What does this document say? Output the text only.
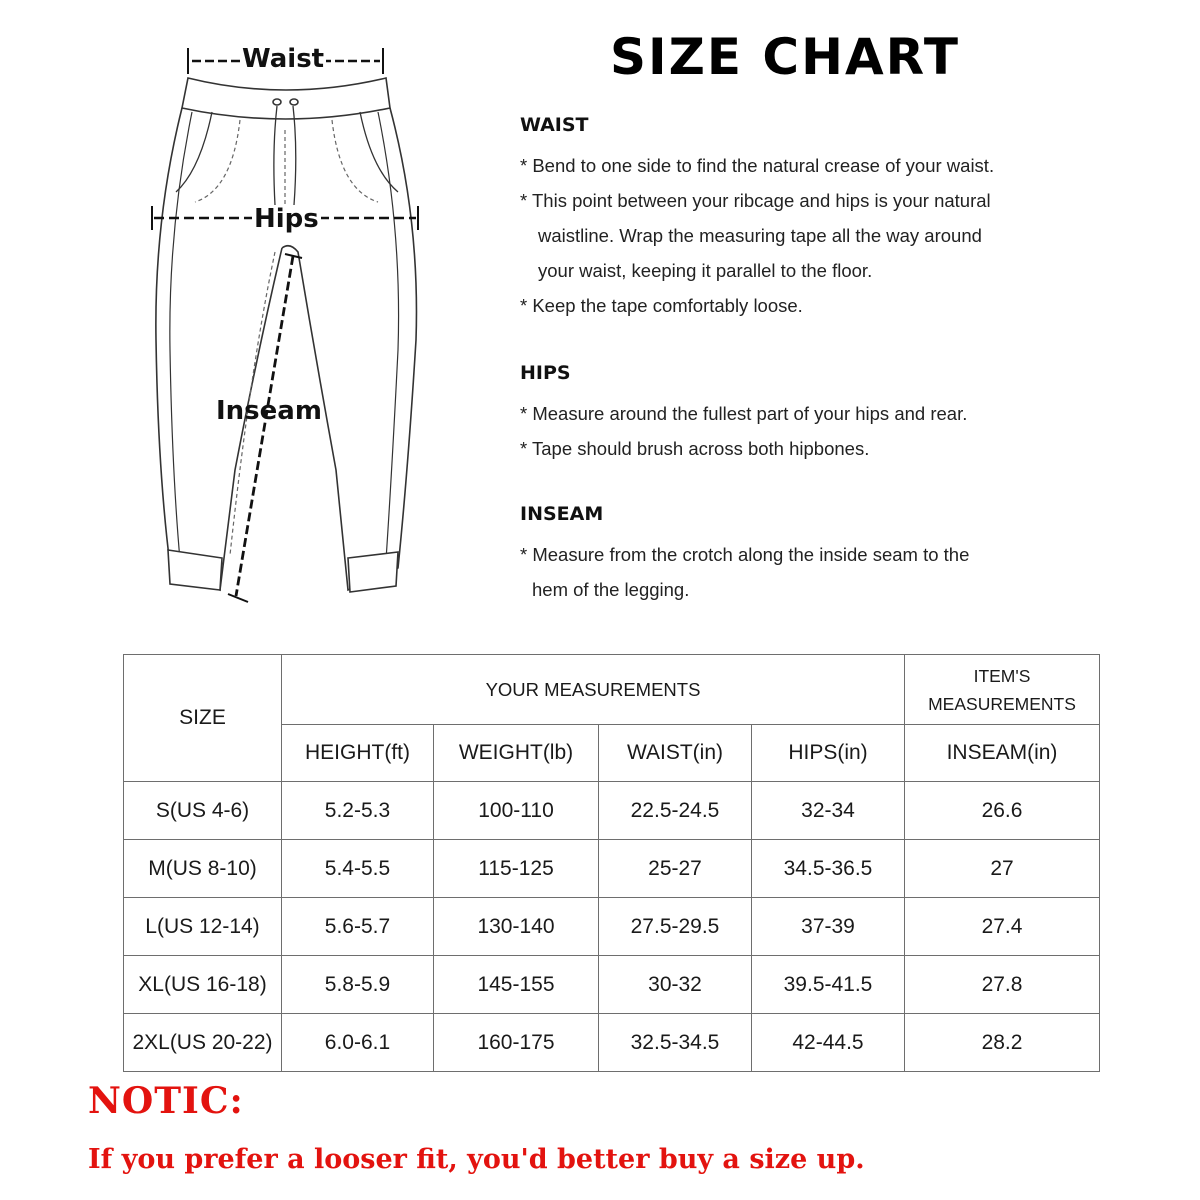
Waist
Hips
Inseam
SIZE CHART
WAIST

* Bend to one side to find the natural crease of your waist.

* This point between your ribcage and hips is your natural

waistline. Wrap the measuring tape all the way around

your waist, keeping it parallel to the floor.

* Keep the tape comfortably loose.

HIPS

* Measure around the fullest part of your hips and rear.

* Tape should brush across both hipbones.

INSEAM

* Measure from the crotch along the inside seam to the

hem of the legging.

SIZE	YOUR MEASUREMENTS				ITEM'S
MEASUREMENTS

	HEIGHT(ft)	WEIGHT(lb)	WAIST(in)	HIPS(in)	INSEAM(in)
S(US 4-6)	5.2-5.3	100-110	22.5-24.5	32-34	26.6
M(US 8-10)	5.4-5.5	115-125	25-27	34.5-36.5	27
L(US 12-14)	5.6-5.7	130-140	27.5-29.5	37-39	27.4
XL(US 16-18)	5.8-5.9	145-155	30-32	39.5-41.5	27.8
2XL(US 20-22)	6.0-6.1	160-175	32.5-34.5	42-44.5	28.2
NOTIC:
If you prefer a looser fit, you'd better buy a size up.
